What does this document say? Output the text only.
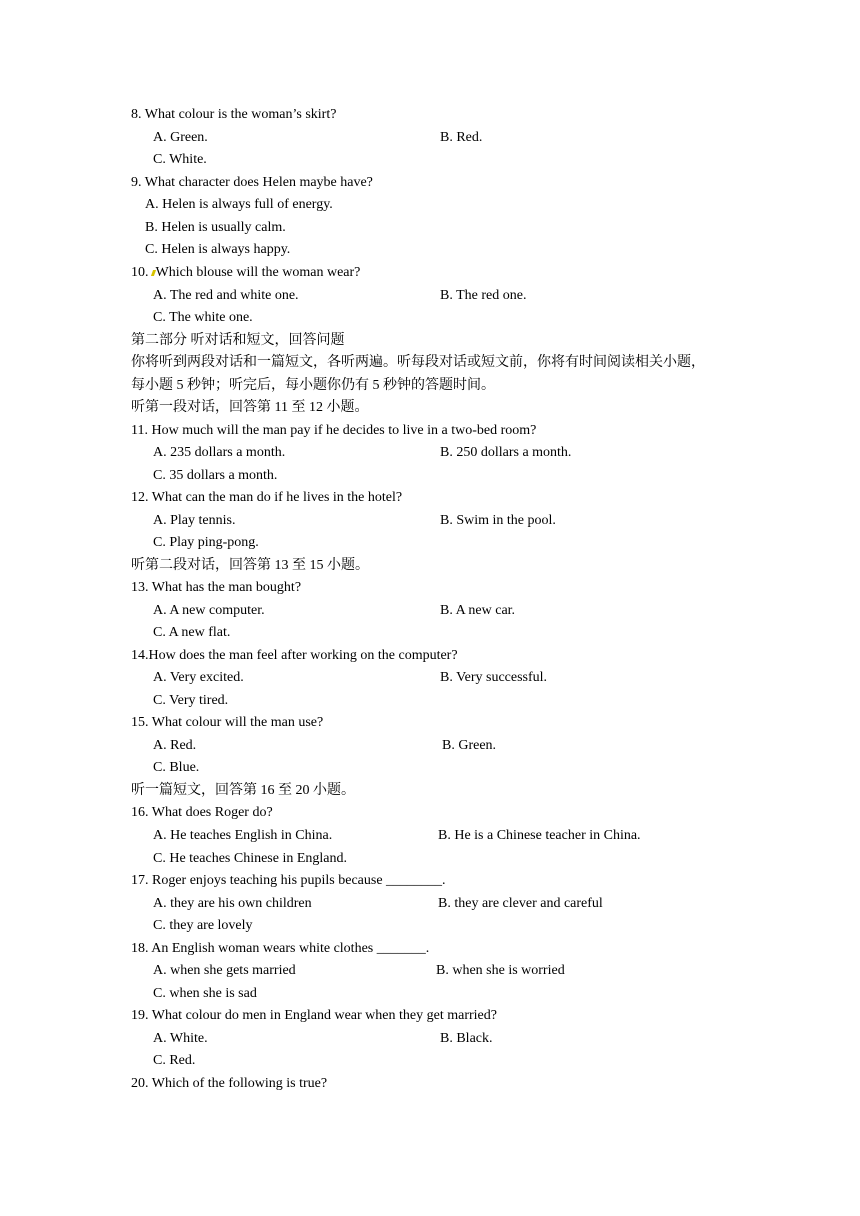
8. What colour is the woman’s skirt?
A. Green.	B. Red.
C. White.
9. What character does Helen maybe have?
A. Helen is always full of energy.
B. Helen is usually calm.
C. Helen is always happy.
10. Which blouse will the woman wear?
A. The red and white one.	B. The red one.
C. The white one.
第二部分 听对话和短文，回答问题
你将听到两段对话和一篇短文，各听两遍。听每段对话或短文前，你将有时间阅读相关小题，
每小题 5 秒钟；听完后，每小题你仍有 5 秒钟的答题时间。
听第一段对话，回答第 11 至 12 小题。
11. How much will the man pay if he decides to live in a two-bed room?
A. 235 dollars a month.	B. 250 dollars a month.
C. 35 dollars a month.
12. What can the man do if he lives in the hotel?
A. Play tennis.	B. Swim in the pool.
C. Play ping-pong.
听第二段对话，回答第 13 至 15 小题。
13. What has the man bought?
A. A new computer.	B. A new car.
C. A new flat.
14.How does the man feel after working on the computer?
A. Very excited.	B. Very successful.
C. Very tired.
15. What colour will the man use?
A. Red.	B. Green.
C. Blue.
听一篇短文，回答第 16 至 20 小题。
16. What does Roger do?
A. He teaches English in China.	B. He is a Chinese teacher in China.
C. He teaches Chinese in England.
17. Roger enjoys teaching his pupils because ________.
A. they are his own children	B. they are clever and careful
C. they are lovely
18. An English woman wears white clothes _______.
A. when she gets married	B. when she is worried
C. when she is sad
19. What colour do men in England wear when they get married?
A. White.	B. Black.
C. Red.
20. Which of the following is true?
